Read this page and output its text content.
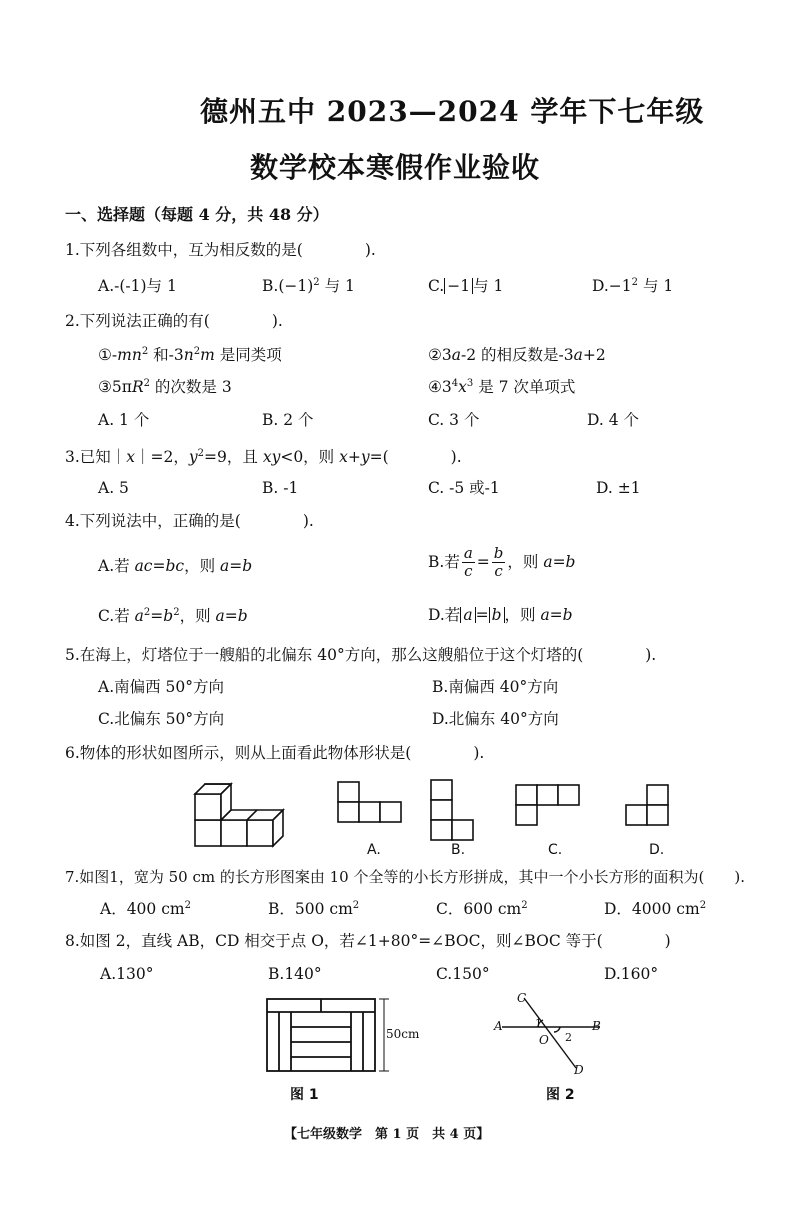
德州五中 2023—2024 学年下七年级
数学校本寒假作业验收
一、选择题（每题 4 分，共 48 分）
1.下列各组数中，互为相反数的是(　　　　).
A.-(-1)与 1	$B.(-1)^2$ 与 1	C. −1 与 1	$D.-1^2$ 与 1
2.下列说法正确的有(　　　　).
$①-mn^2$ 和$-3n^2m$ 是同类项	②3a-2 的相反数是-3a+2
$③5\pi R^2$ 的次数是 3	$④3^4x^3$ 是 7 次单项式
A. 1 个	B. 2 个	C. 3 个	D. 4 个
3.已知｜x｜=2，$y^2=9$，且 xy<0，则 x+y=(　　　　).
A. 5	B. -1	C. -5 或-1	D. ±1
4.下列说法中，正确的是(　　　　).
A.若 ac=bc，则 a=b	B.若 $\frac{a}{c} = \frac{b}{c}$ ，则 a=b
C.若 $a^2=b^2$，则 a=b	D.若 a = b ，则 a=b
5.在海上，灯塔位于一艘船的北偏东 40°方向，那么这艘船位于这个灯塔的(　　　　).
A.南偏西 50°方向	B.南偏西 40°方向
C.北偏东 50°方向	D.北偏东 40°方向
6.物体的形状如图所示，则从上面看此物体形状是(　　　　).
A.	B.	C.	D.
7.如图1，宽为 50 cm 的长方形图案由 10 个全等的小长方形拼成，其中一个小长方形的面积为(　　).
A．400 $cm^2$	B．500 $cm^2$	C．600 $cm^2$	D．4000 $cm^2$
8.如图 2，直线 AB，CD 相交于点 O，若∠1+80°=∠BOC，则∠BOC 等于(　　　　)
A.130°	B.140°	C.150°	D.160°
50cm
图 1
C
A	B
O
D
1
2
图 2
【七年级数学　第 1 页　共 4 页】
